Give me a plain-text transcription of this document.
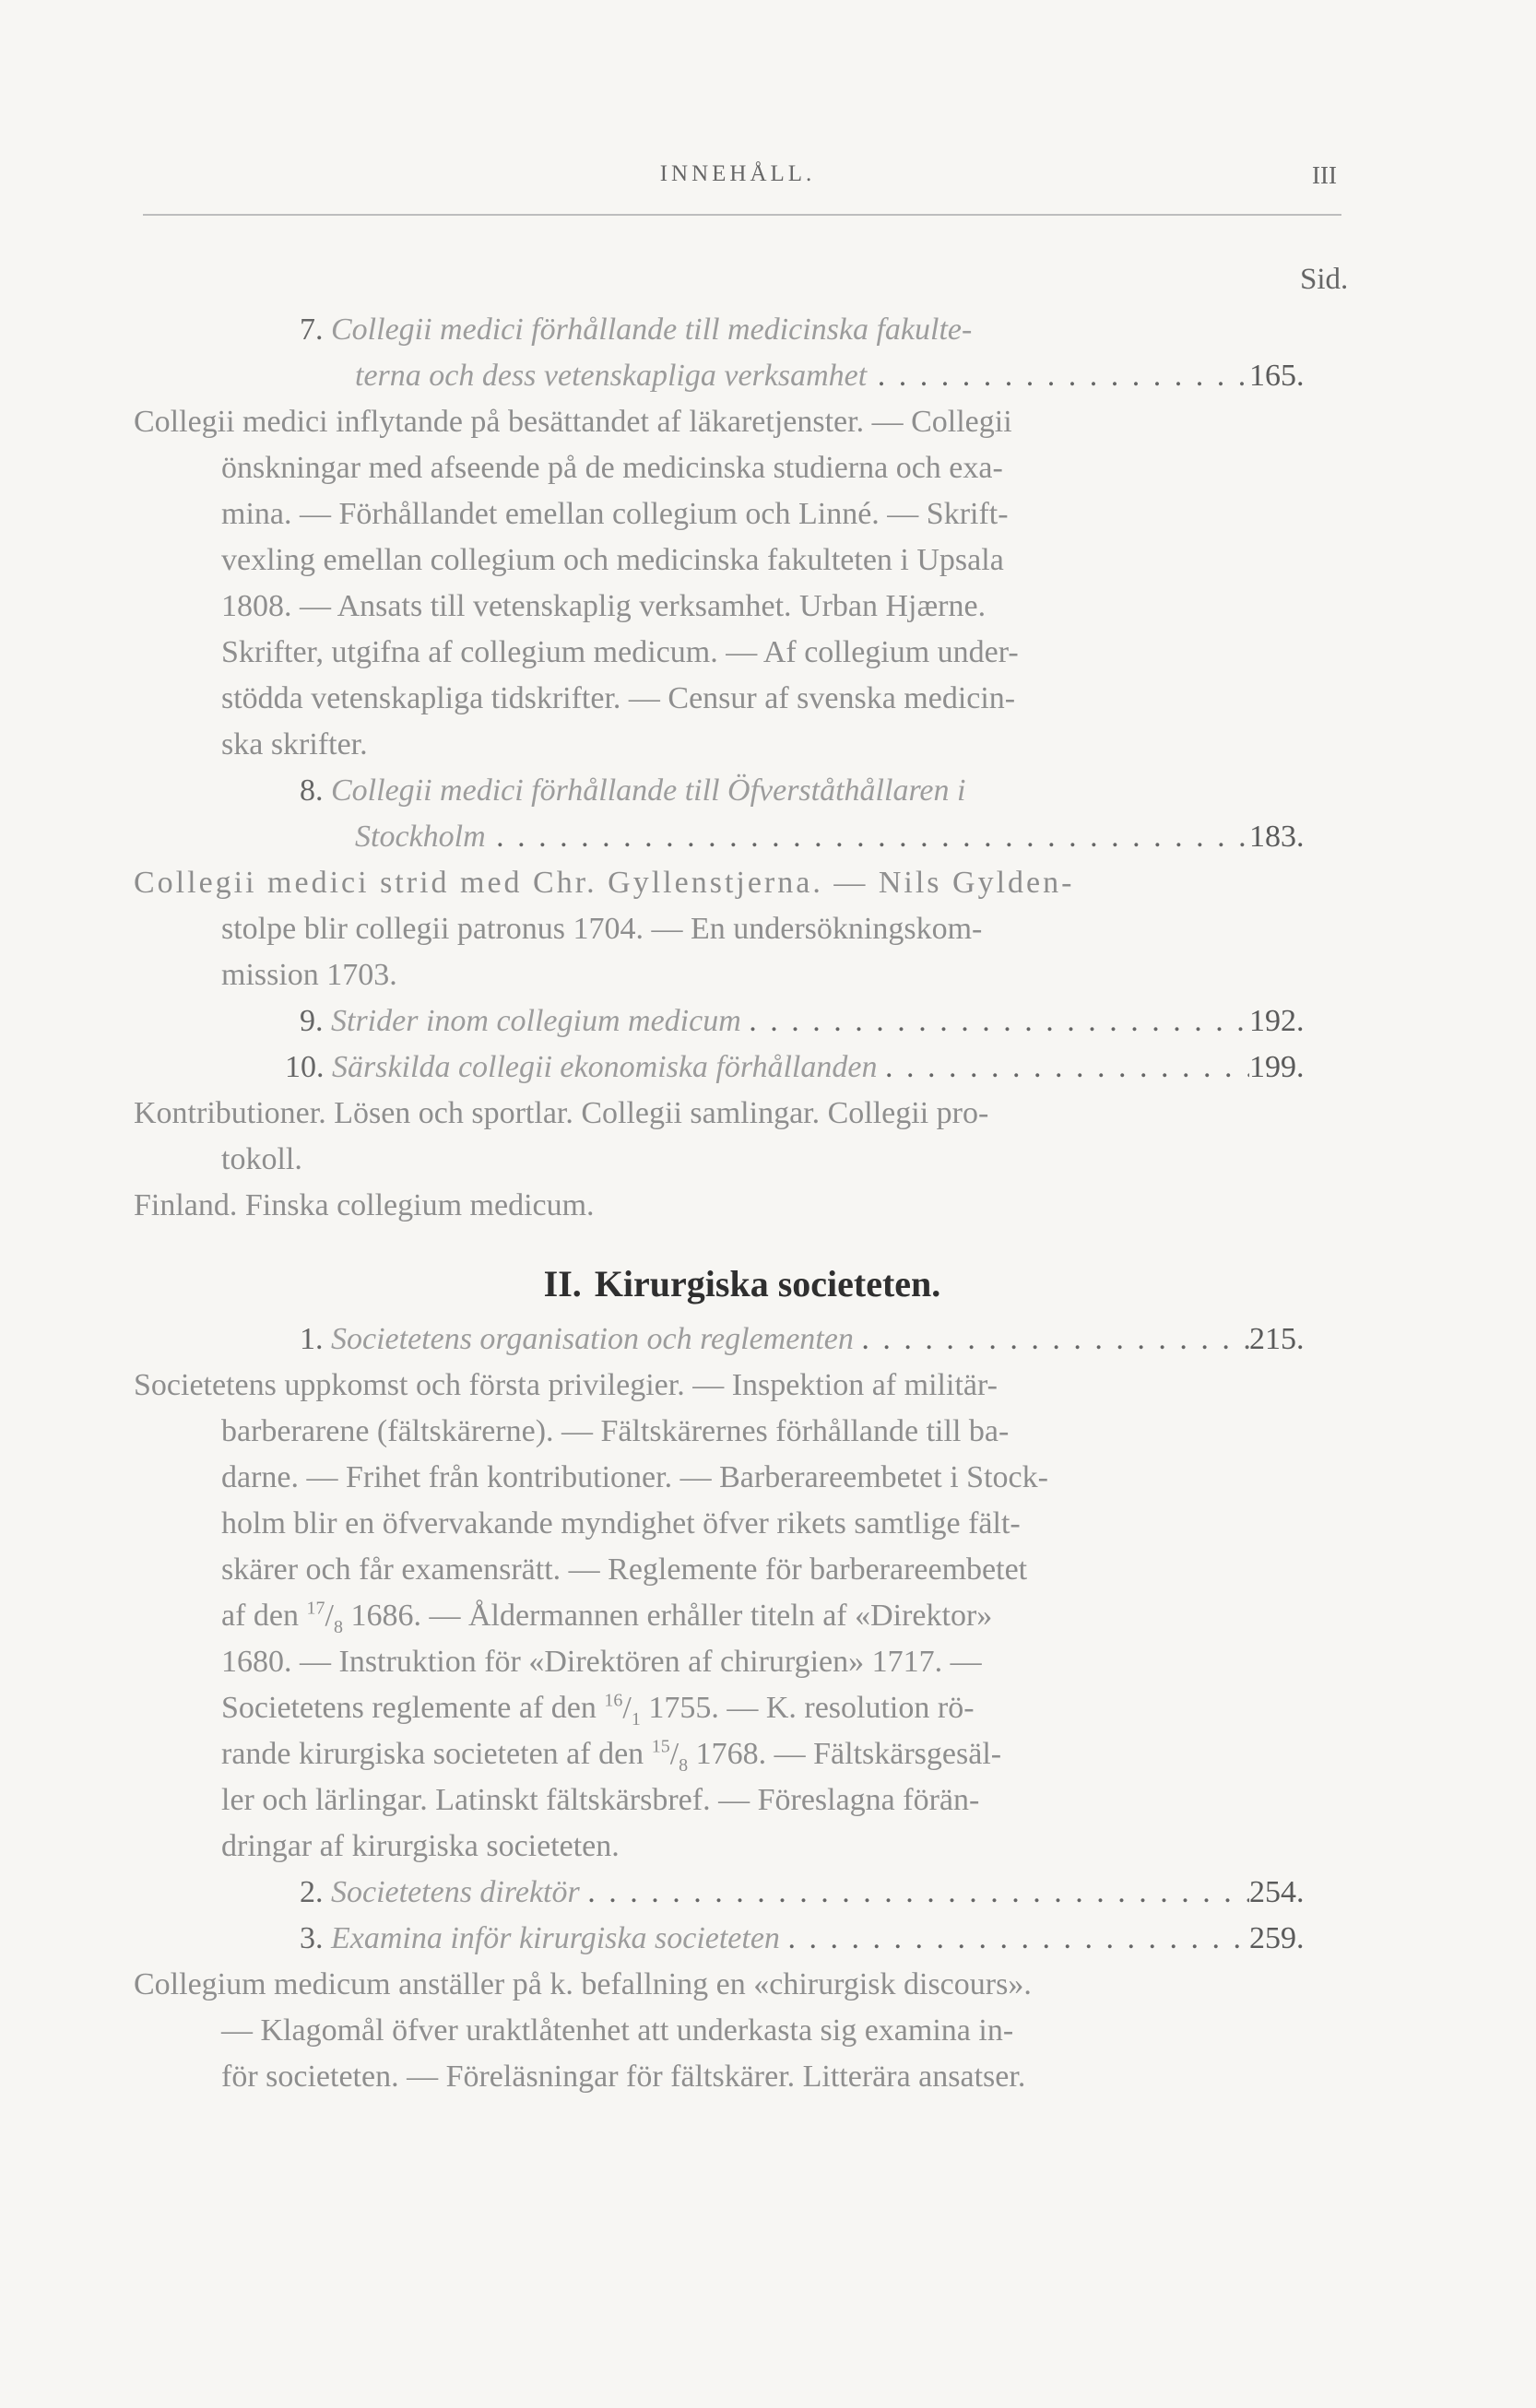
INNEHÅLL.	III
Sid.
7. Collegii medici förhållande till medicinska fakulte-
terna och dess vetenskapliga verksamhet . . .	165.
Collegii medici inflytande på besättandet af läkaretjenster. — Collegii
önskningar med afseende på de medicinska studierna och exa-
mina. — Förhållandet emellan collegium och Linné. — Skrift-
vexling emellan collegium och medicinska fakulteten i Upsala
1808. — Ansats till vetenskaplig verksamhet. Urban Hjærne.
Skrifter, utgifna af collegium medicum. — Af collegium under-
stödda vetenskapliga tidskrifter. — Censur af svenska medicin-
ska skrifter.
8. Collegii medici förhållande till Öfverståthållaren i
Stockholm . . .	183.
Collegii medici strid med Chr. Gyllenstjerna. — Nils Gylden-
stolpe blir collegii patronus 1704. — En undersökningskom-
mission 1703.
9. Strider inom collegium medicum . . .	192.
10. Särskilda collegii ekonomiska förhållanden . . .	199.
Kontributioner. Lösen och sportlar. Collegii samlingar. Collegii pro-
tokoll.
Finland. Finska collegium medicum.
II. Kirurgiska societeten.
1. Societetens organisation och reglementen . . .	215.
Societetens uppkomst och första privilegier. — Inspektion af militär-
barberarene (fältskärerne). — Fältskärernes förhållande till ba-
darne. — Frihet från kontributioner. — Barberareembetet i Stock-
holm blir en öfvervakande myndighet öfver rikets samtlige fält-
skärer och får examensrätt. — Reglemente för barberareembetet
af den $^{17}/_8$ 1686. — Åldermannen erhåller titeln af «Direktor»
1680. — Instruktion för «Direktören af chirurgien» 1717. —
Societetens reglemente af den $^{16}/_1$ 1755. — K. resolution rö-
rande kirurgiska societeten af den $^{15}/_8$ 1768. — Fältskärsgesäl-
ler och lärlingar. Latinskt fältskärsbref. — Föreslagna förän-
dringar af kirurgiska societeten.
2. Societetens direktör . . .	254.
3. Examina inför kirurgiska societeten . . .	259.
Collegium medicum anställer på k. befallning en «chirurgisk discours».
— Klagomål öfver uraktlåtenhet att underkasta sig examina in-
för societeten. — Föreläsningar för fältskärer. Litterära ansatser.
